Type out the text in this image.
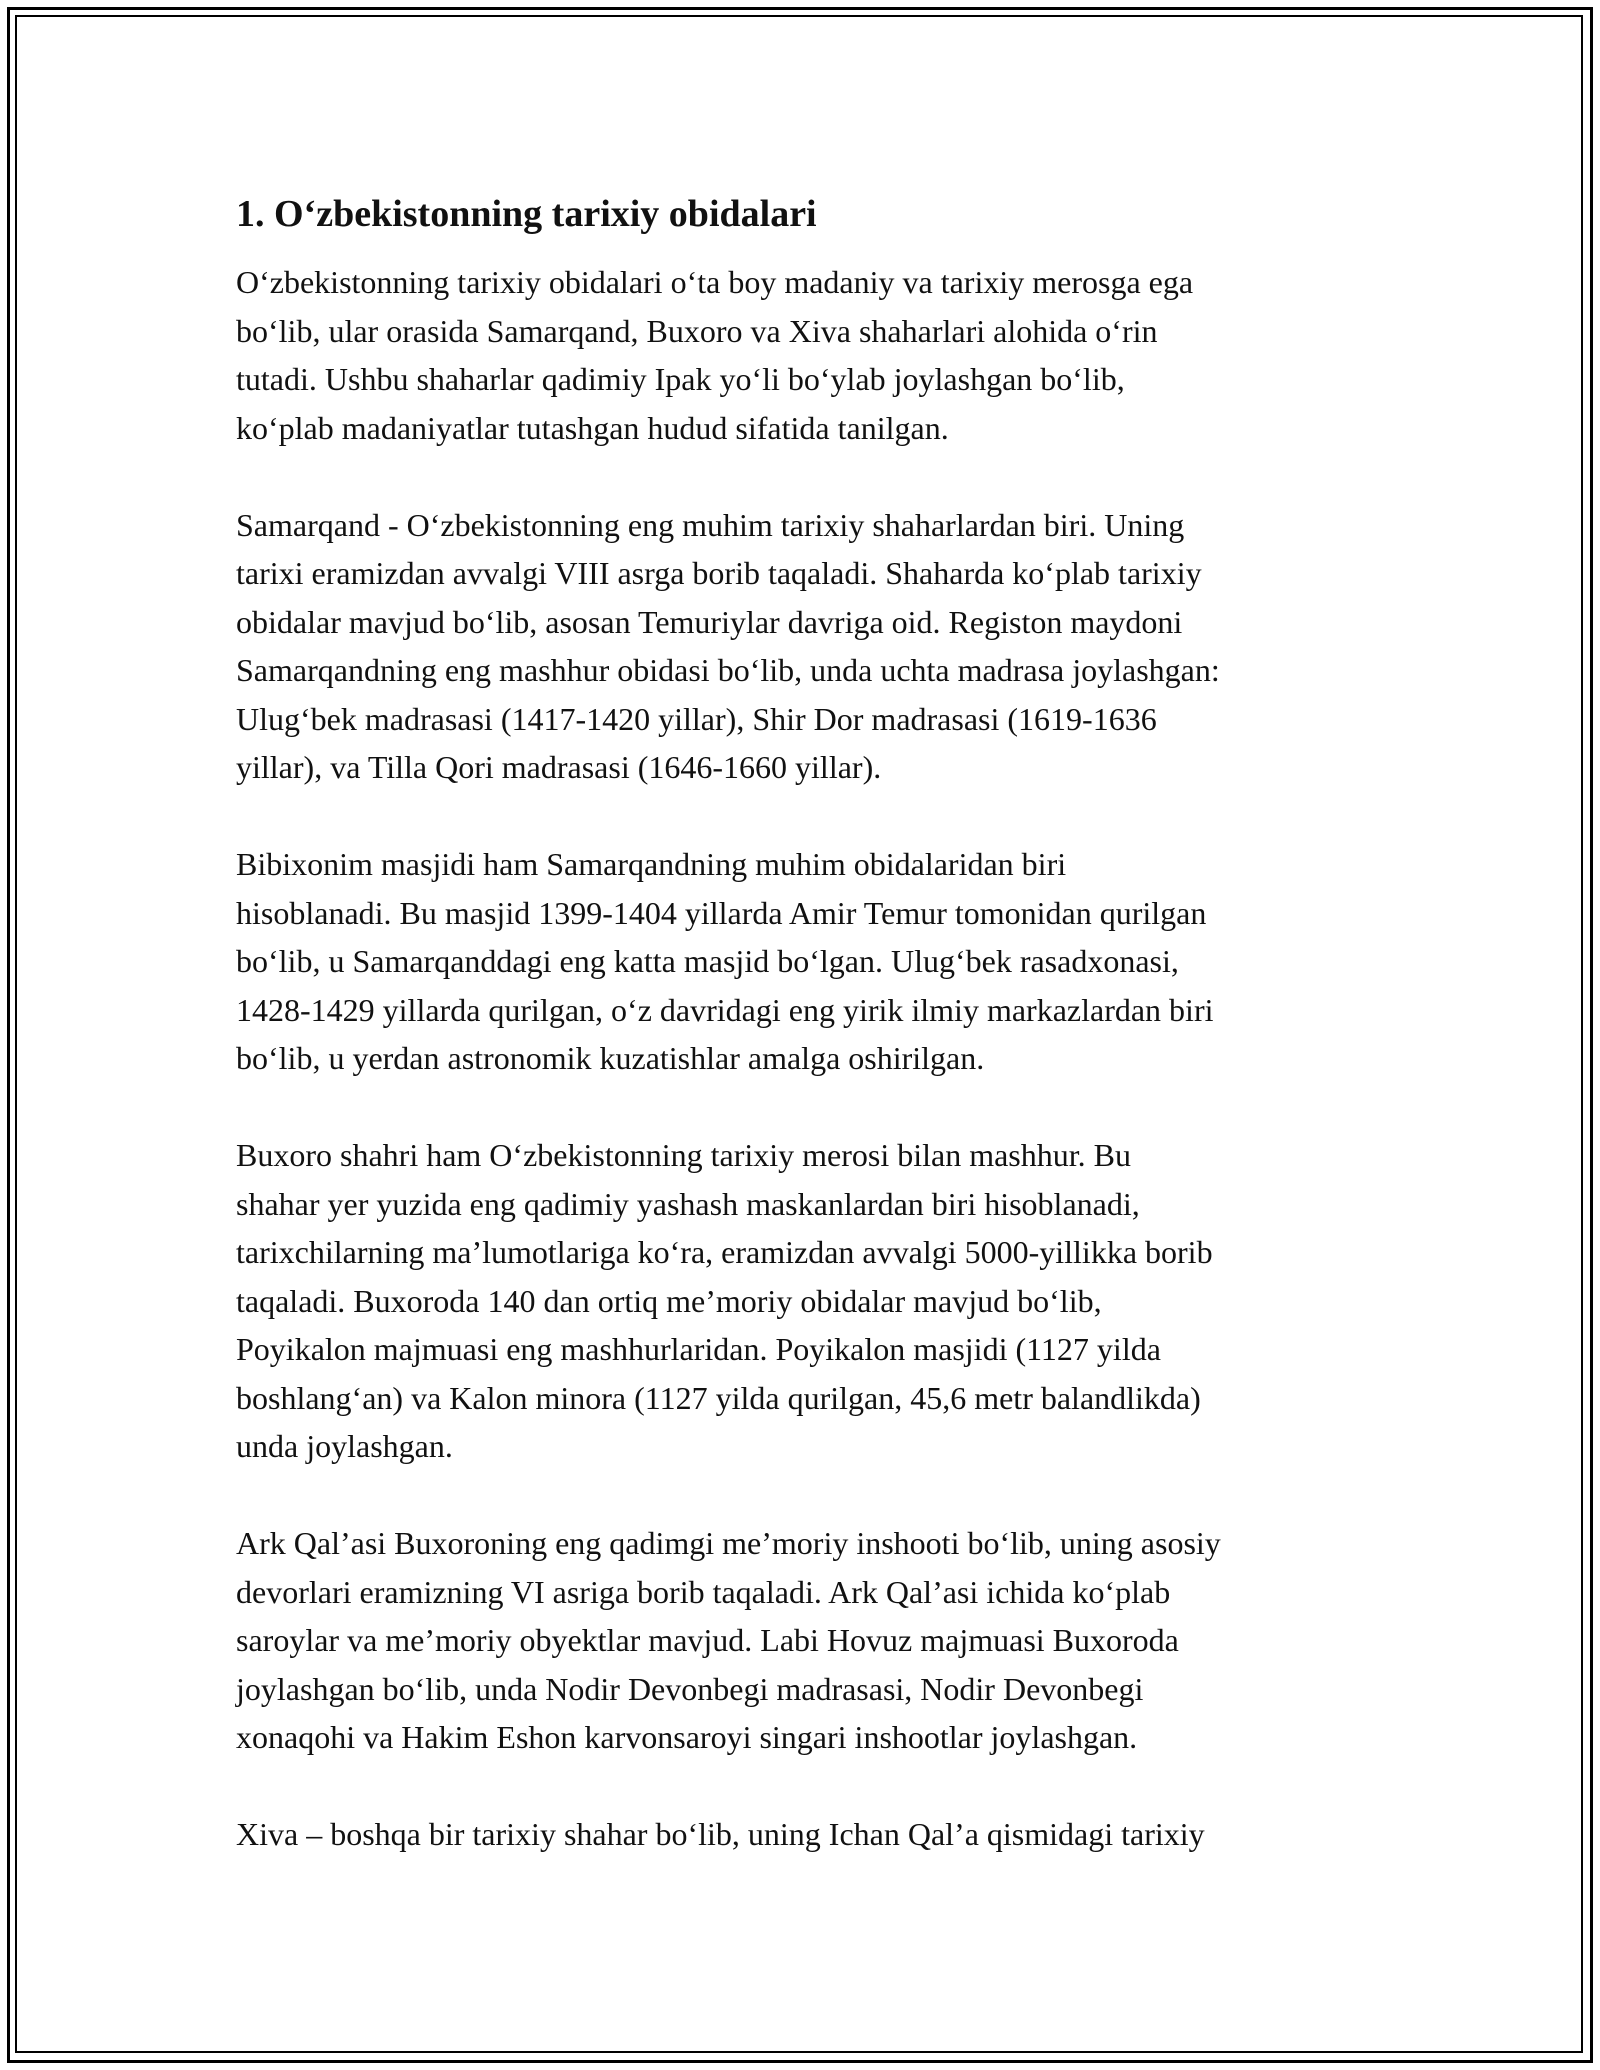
1. O‘zbekistonning tarixiy obidalari

O‘zbekistonning tarixiy obidalari o‘ta boy madaniy va tarixiy merosga ega
bo‘lib, ular orasida Samarqand, Buxoro va Xiva shaharlari alohida o‘rin
tutadi. Ushbu shaharlar qadimiy Ipak yo‘li bo‘ylab joylashgan bo‘lib,
ko‘plab madaniyatlar tutashgan hudud sifatida tanilgan.

Samarqand - O‘zbekistonning eng muhim tarixiy shaharlardan biri. Uning
tarixi eramizdan avvalgi VIII asrga borib taqaladi. Shaharda ko‘plab tarixiy
obidalar mavjud bo‘lib, asosan Temuriylar davriga oid. Registon maydoni
Samarqandning eng mashhur obidasi bo‘lib, unda uchta madrasa joylashgan:
Ulug‘bek madrasasi (1417-1420 yillar), Shir Dor madrasasi (1619-1636
yillar), va Tilla Qori madrasasi (1646-1660 yillar).

Bibixonim masjidi ham Samarqandning muhim obidalaridan biri
hisoblanadi. Bu masjid 1399-1404 yillarda Amir Temur tomonidan qurilgan
bo‘lib, u Samarqanddagi eng katta masjid bo‘lgan. Ulug‘bek rasadxonasi,
1428-1429 yillarda qurilgan, o‘z davridagi eng yirik ilmiy markazlardan biri
bo‘lib, u yerdan astronomik kuzatishlar amalga oshirilgan.

Buxoro shahri ham O‘zbekistonning tarixiy merosi bilan mashhur. Bu
shahar yer yuzida eng qadimiy yashash maskanlardan biri hisoblanadi,
tarixchilarning ma’lumotlariga ko‘ra, eramizdan avvalgi 5000-yillikka borib
taqaladi. Buxoroda 140 dan ortiq me’moriy obidalar mavjud bo‘lib,
Poyikalon majmuasi eng mashhurlaridan. Poyikalon masjidi (1127 yilda
boshlang‘an) va Kalon minora (1127 yilda qurilgan, 45,6 metr balandlikda)
unda joylashgan.

Ark Qal’asi Buxoroning eng qadimgi me’moriy inshooti bo‘lib, uning asosiy
devorlari eramizning VI asriga borib taqaladi. Ark Qal’asi ichida ko‘plab
saroylar va me’moriy obyektlar mavjud. Labi Hovuz majmuasi Buxoroda
joylashgan bo‘lib, unda Nodir Devonbegi madrasasi, Nodir Devonbegi
xonaqohi va Hakim Eshon karvonsaroyi singari inshootlar joylashgan.

Xiva – boshqa bir tarixiy shahar bo‘lib, uning Ichan Qal’a qismidagi tarixiy
